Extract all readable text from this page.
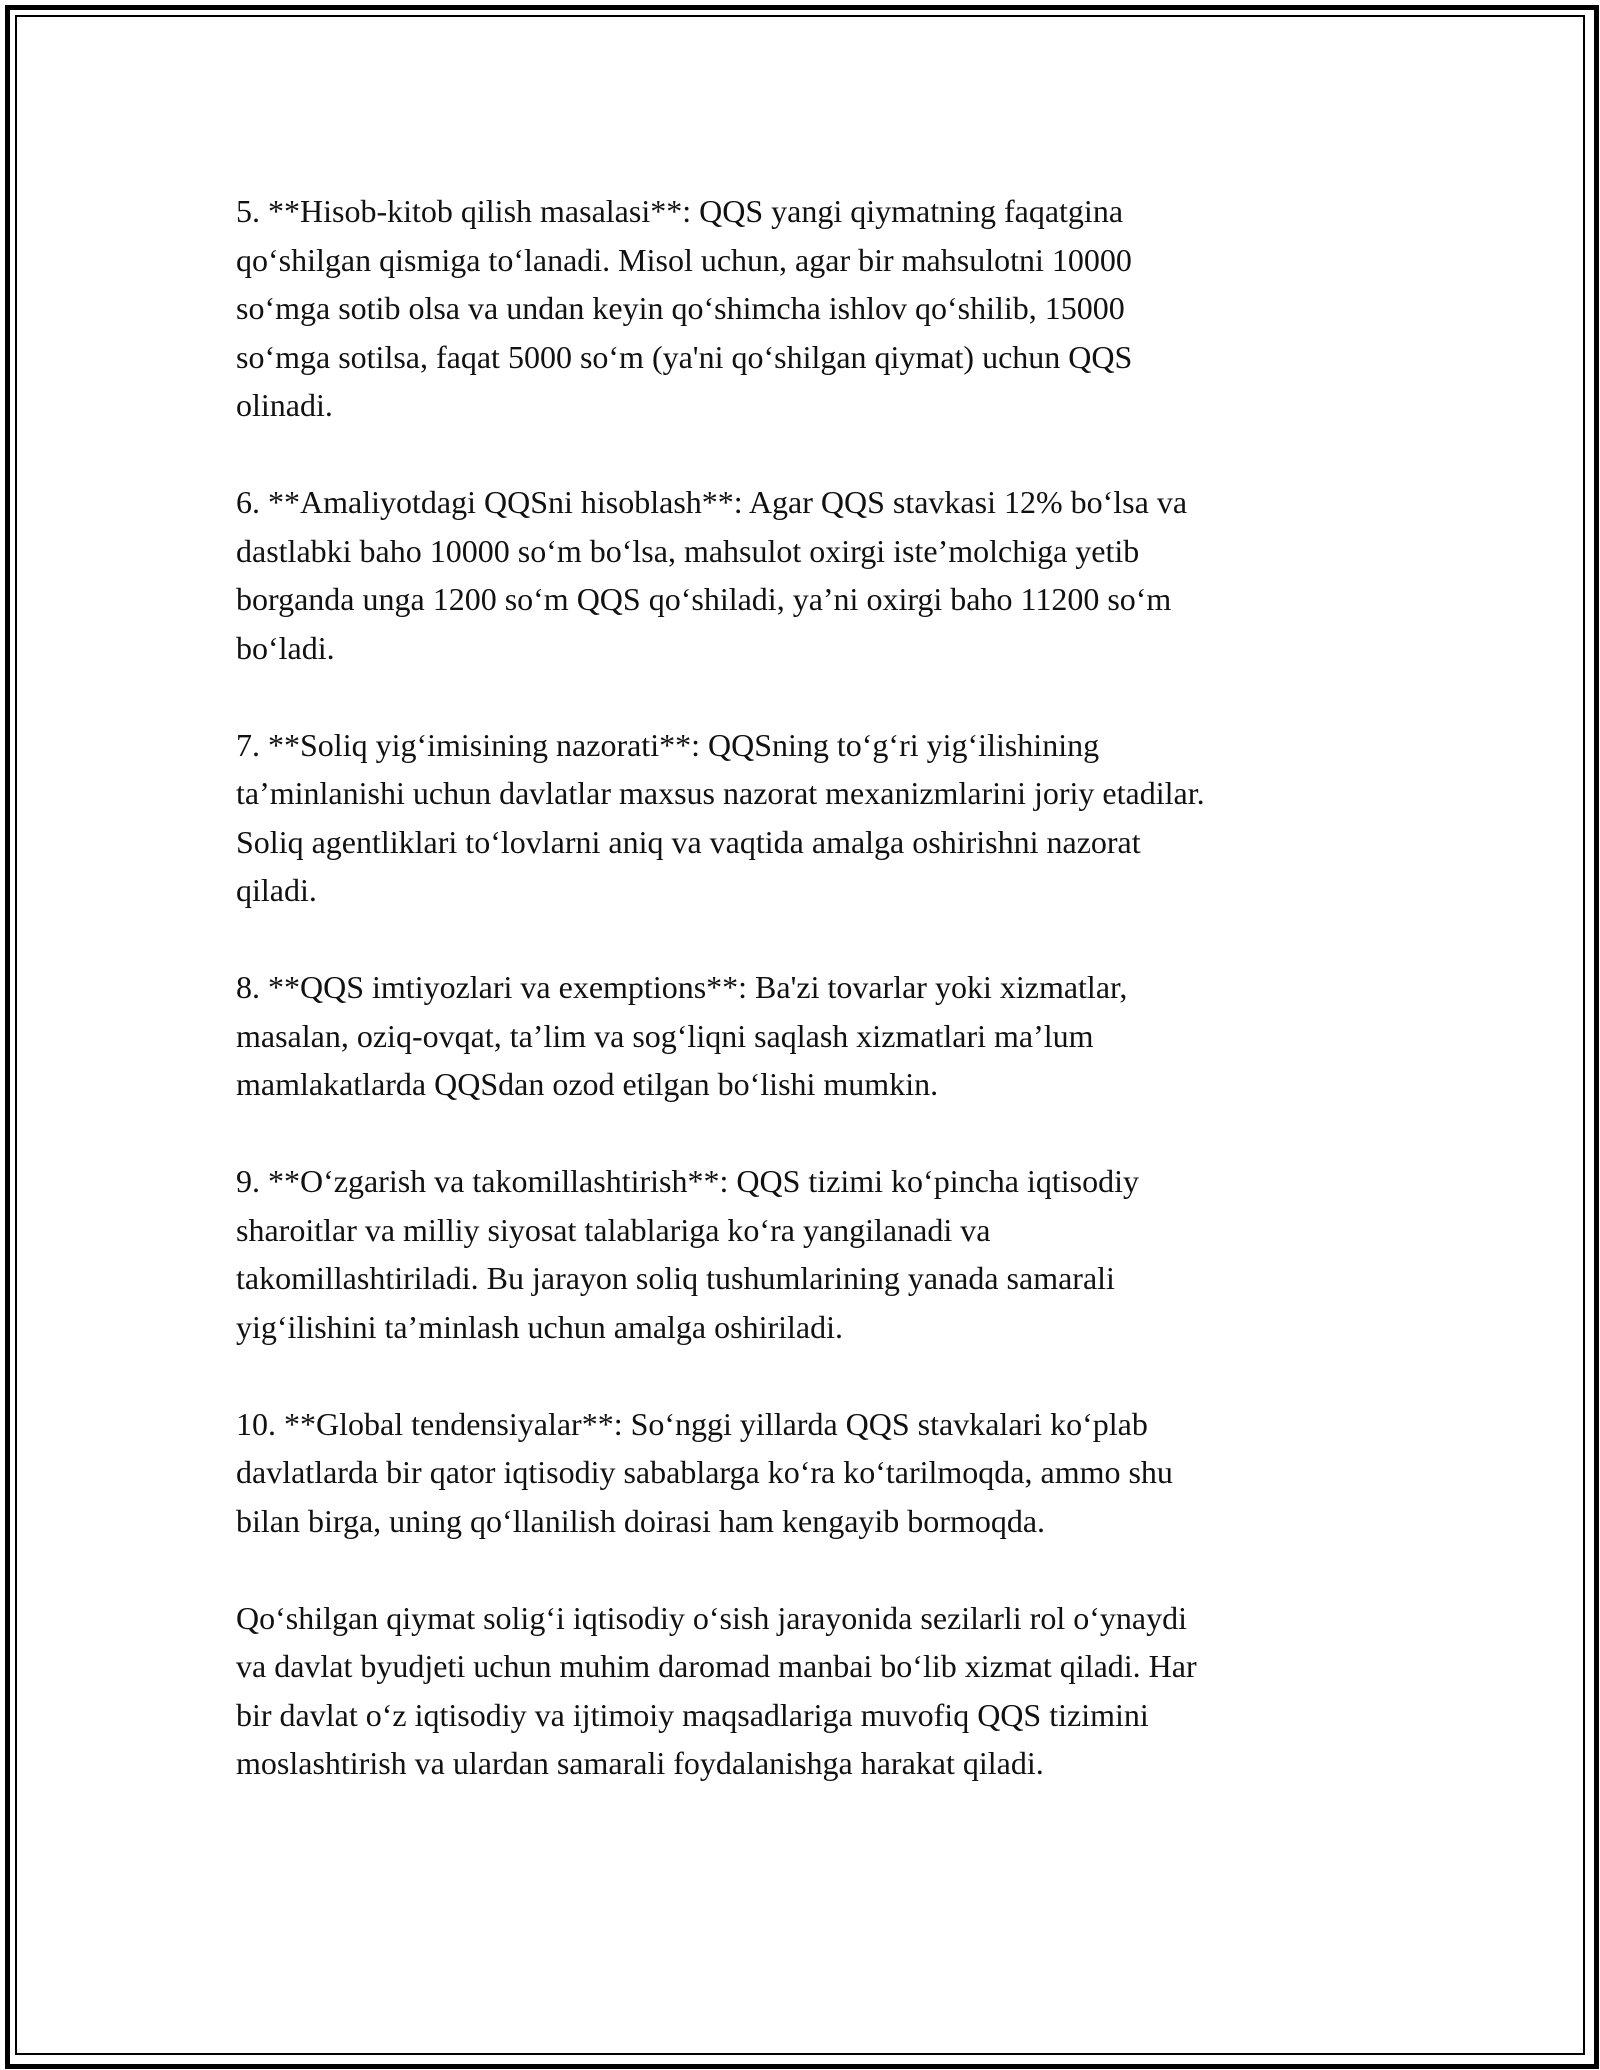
5. **Hisob-kitob qilish masalasi**: QQS yangi qiymatning faqatgina
qo‘shilgan qismiga to‘lanadi. Misol uchun, agar bir mahsulotni 10000
so‘mga sotib olsa va undan keyin qo‘shimcha ishlov qo‘shilib, 15000
so‘mga sotilsa, faqat 5000 so‘m (ya'ni qo‘shilgan qiymat) uchun QQS
olinadi.

6. **Amaliyotdagi QQSni hisoblash**: Agar QQS stavkasi 12% bo‘lsa va
dastlabki baho 10000 so‘m bo‘lsa, mahsulot oxirgi iste’molchiga yetib
borganda unga 1200 so‘m QQS qo‘shiladi, ya’ni oxirgi baho 11200 so‘m
bo‘ladi.

7. **Soliq yig‘imisining nazorati**: QQSning to‘g‘ri yig‘ilishining
ta’minlanishi uchun davlatlar maxsus nazorat mexanizmlarini joriy etadilar.
Soliq agentliklari to‘lovlarni aniq va vaqtida amalga oshirishni nazorat
qiladi.

8. **QQS imtiyozlari va exemptions**: Ba'zi tovarlar yoki xizmatlar,
masalan, oziq-ovqat, ta’lim va sog‘liqni saqlash xizmatlari ma’lum
mamlakatlarda QQSdan ozod etilgan bo‘lishi mumkin.

9. **O‘zgarish va takomillashtirish**: QQS tizimi ko‘pincha iqtisodiy
sharoitlar va milliy siyosat talablariga ko‘ra yangilanadi va
takomillashtiriladi. Bu jarayon soliq tushumlarining yanada samarali
yig‘ilishini ta’minlash uchun amalga oshiriladi.

10. **Global tendensiyalar**: So‘nggi yillarda QQS stavkalari ko‘plab
davlatlarda bir qator iqtisodiy sabablarga ko‘ra ko‘tarilmoqda, ammo shu
bilan birga, uning qo‘llanilish doirasi ham kengayib bormoqda.

Qo‘shilgan qiymat solig‘i iqtisodiy o‘sish jarayonida sezilarli rol o‘ynaydi
va davlat byudjeti uchun muhim daromad manbai bo‘lib xizmat qiladi. Har
bir davlat o‘z iqtisodiy va ijtimoiy maqsadlariga muvofiq QQS tizimini
moslashtirish va ulardan samarali foydalanishga harakat qiladi.
